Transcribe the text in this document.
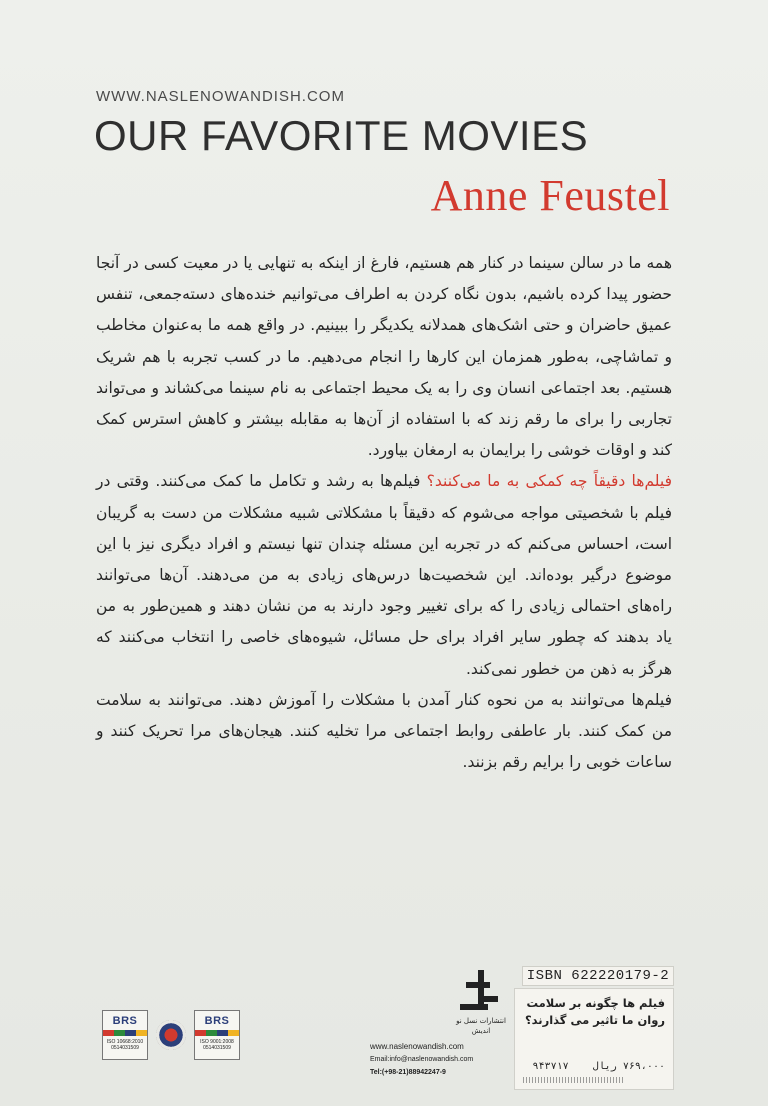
WWW.NASLENOWANDISH.COM
OUR FAVORITE MOVIES
Anne Feustel

همه ما در سالن سینما در کنار هم هستیم، فارغ از اینکه به تنهایی یا در معیت کسی در آنجا حضور پیدا کرده باشیم، بدون نگاه کردن به اطراف می‌توانیم خنده‌های دسته‌جمعی، تنفس عمیق حاضران و حتی اشک‌های همدلانه یکدیگر را ببینیم. در واقع همه ما به‌عنوان مخاطب و تماشاچی، به‌طور همزمان این کارها را انجام می‌دهیم. ما در کسب تجربه با هم شریک هستیم. بعد اجتماعی انسان وی را به یک محیط اجتماعی به نام سینما می‌کشاند و می‌تواند تجاربی را برای ما رقم زند که با استفاده از آن‌ها به مقابله بیشتر و کاهش استرس کمک کند و اوقات خوشی را برایمان به ارمغان بیاورد.

فیلم‌ها دقیقاً چه کمکی به ما می‌کنند؟ فیلم‌ها به رشد و تکامل ما کمک می‌کنند. وقتی در فیلم با شخصیتی مواجه می‌شوم که دقیقاً با مشکلاتی شبیه مشکلات من دست به گریبان است، احساس می‌کنم که در تجربه این مسئله چندان تنها نیستم و افراد دیگری نیز با این موضوع درگیر بوده‌اند. این شخصیت‌ها درس‌های زیادی به من می‌دهند. آن‌ها می‌توانند راه‌های احتمالی زیادی را که برای تغییر وجود دارند به من نشان دهند و همین‌طور به من یاد بدهند که چطور سایر افراد برای حل مسائل، شیوه‌های خاصی را انتخاب می‌کنند که هرگز به ذهن من خطور نمی‌کند.

فیلم‌ها می‌توانند به من نحوه کنار آمدن با مشکلات را آموزش دهند. می‌توانند به سلامت من کمک کنند. بار عاطفی روابط اجتماعی مرا تخلیه کنند. هیجان‌های مرا تحریک کنند و ساعات خوبی را برایم رقم بزنند.

BRS
ISO 10668:2010 0514031509
BRS
ISO 9001:2008 0514031509
انتشارات نسل نو اندیش
www.naslenowandish.com
Email:info@naslenowandish.com
Tel:(+98-21)88942247-9
ISBN 622220179-2
فیلم ها چگونه بر سلامت روان ما تاثیر می گذارند؟
۷۶۹،۰۰۰ ریال    ۹۴۳۷۱۷
